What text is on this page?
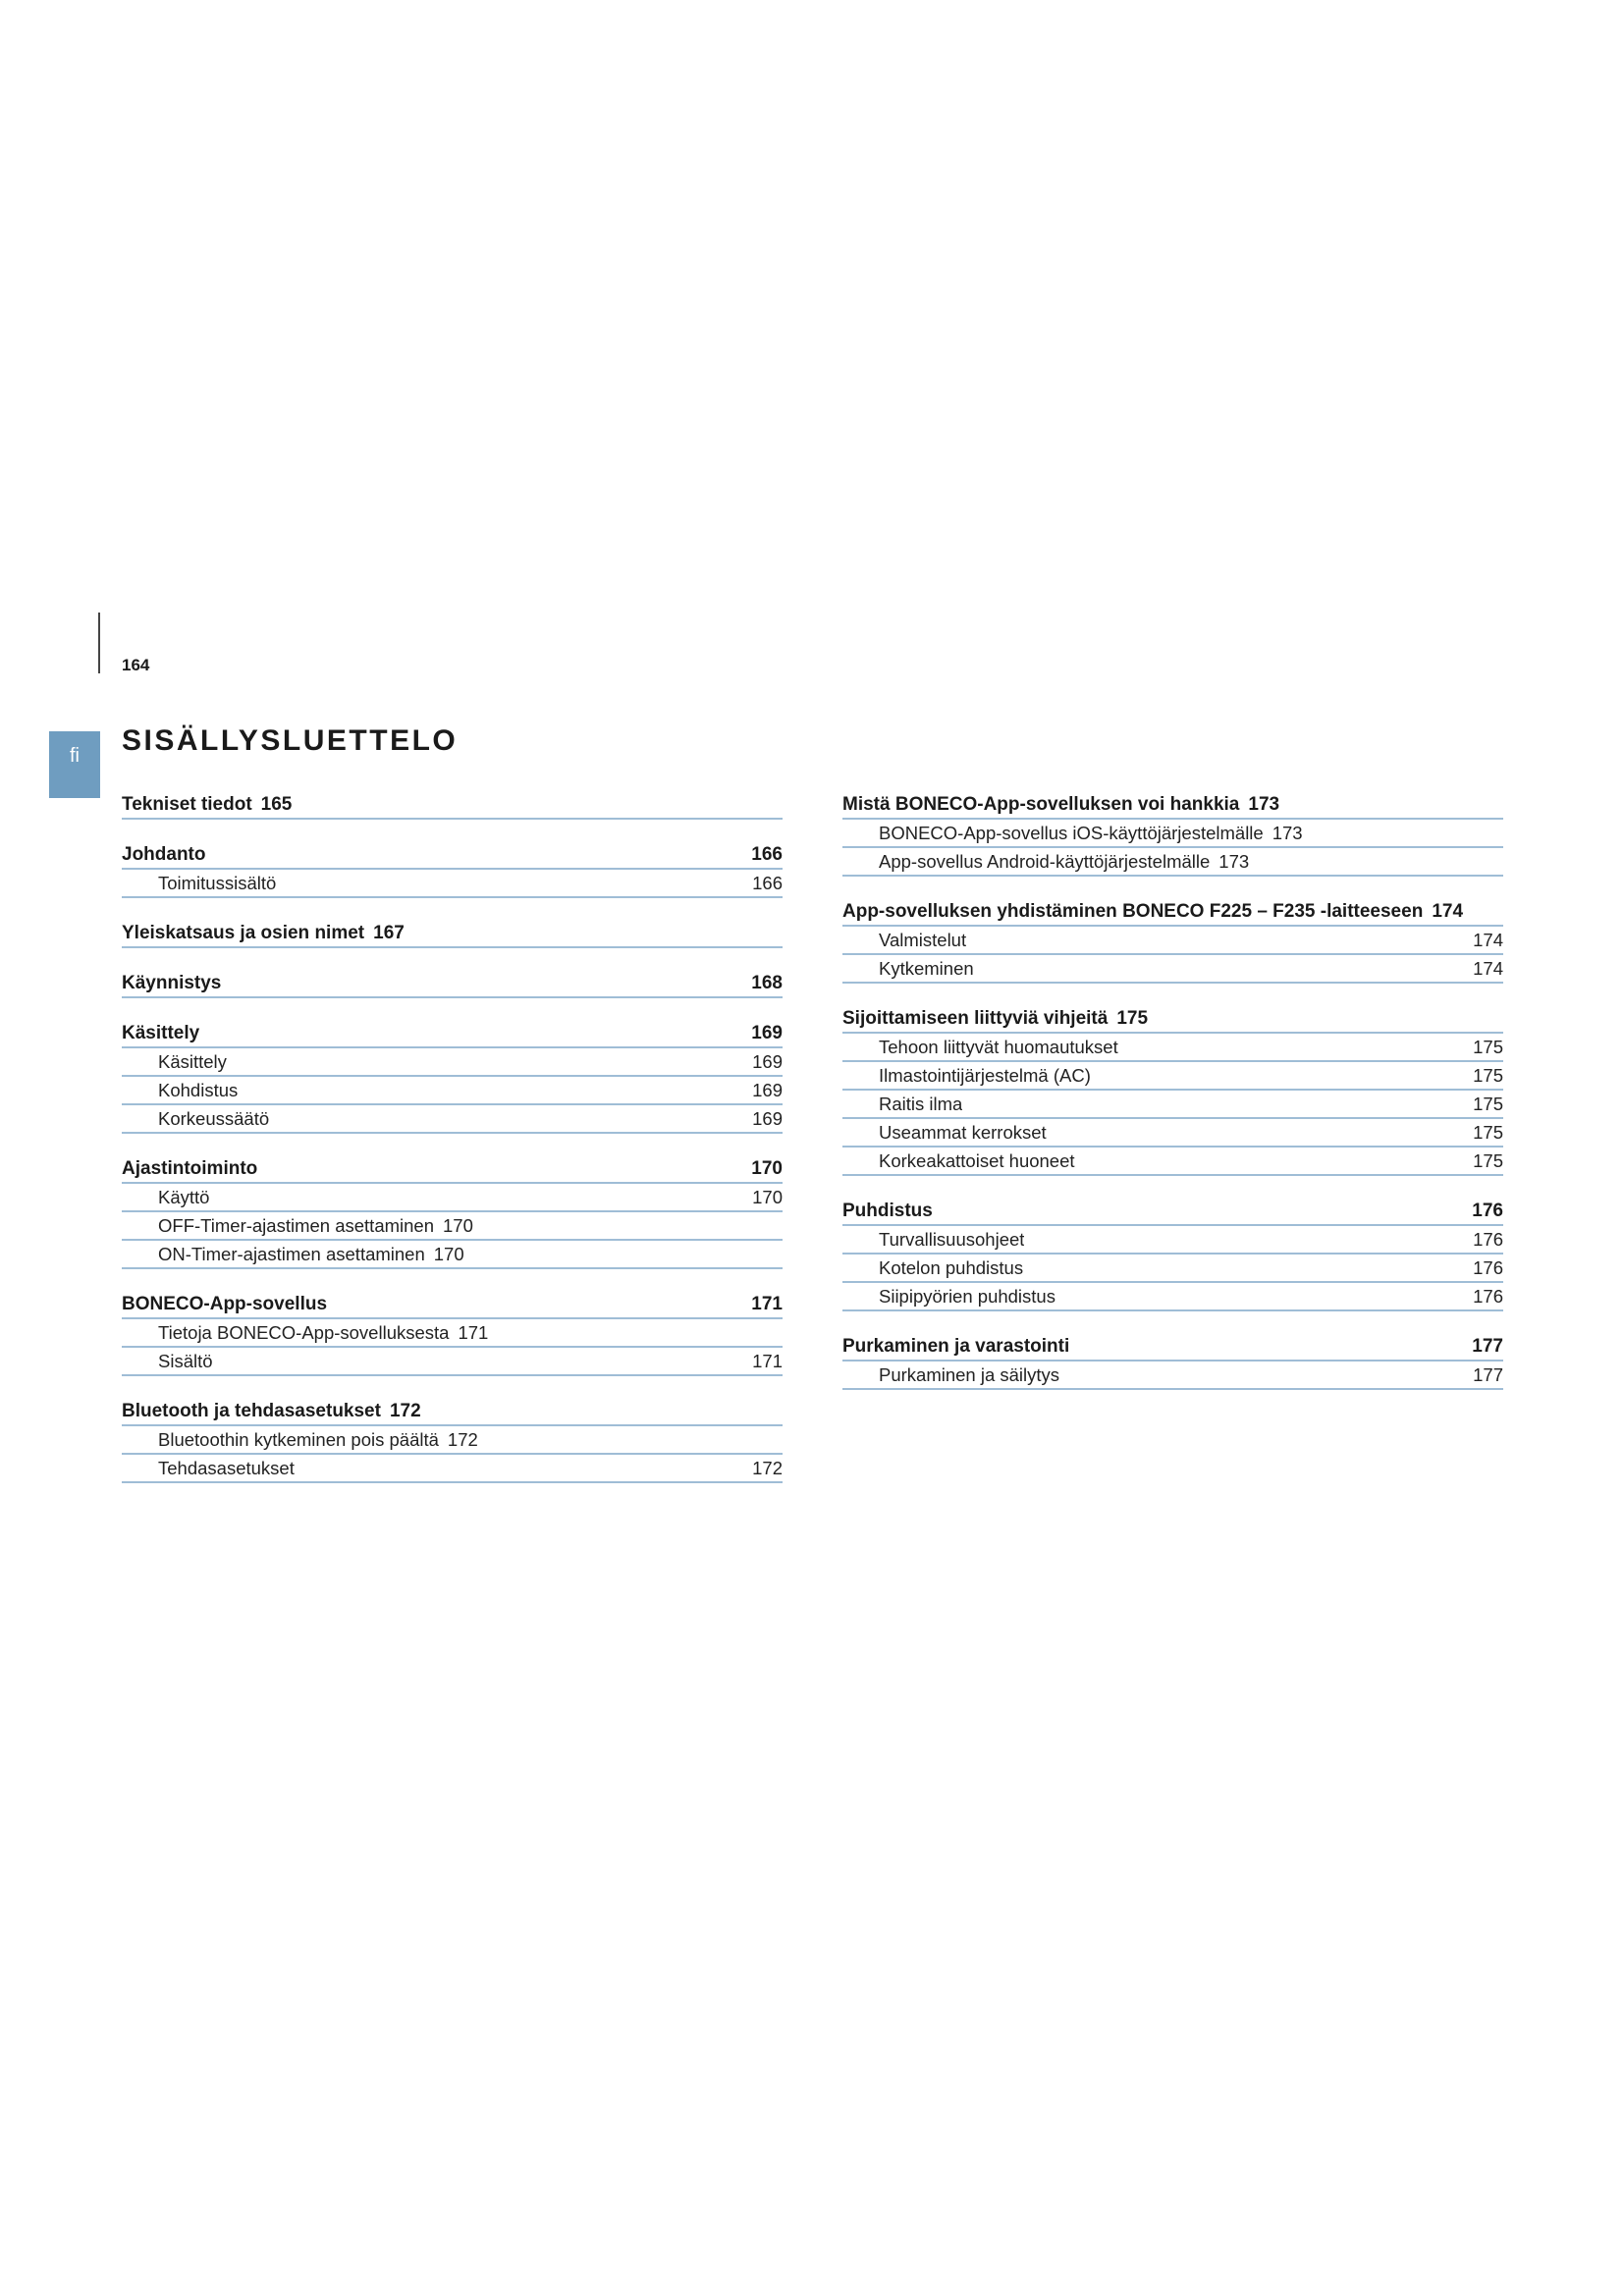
164
fi	SISÄLLYSLUETTELO
Tekniset tiedot 165
Johdanto	166
Toimitussisältö	166
Yleiskatsaus ja osien nimet 167
Käynnistys	168
Käsittely	169
Käsittely	169
Kohdistus	169
Korkeussäätö	169
Ajastintoiminto	170
Käyttö	170
OFF-Timer-ajastimen asettaminen 170
ON-Timer-ajastimen asettaminen 170
BONECO-App-sovellus	171
Tietoja BONECO-App-sovelluksesta 171
Sisältö	171
Bluetooth ja tehdasasetukset 172
Bluetoothin kytkeminen pois päältä 172
Tehdasasetukset	172
Mistä BONECO-App-sovelluksen voi hankkia 173
BONECO-App-sovellus iOS-käyttöjärjestelmälle 173
App-sovellus Android-käyttöjärjestelmälle 173
App-sovelluksen yhdistäminen BONECO F225 – F235 -laitteeseen 174
Valmistelut	174
Kytkeminen	174
Sijoittamiseen liittyviä vihjeitä 175
Tehoon liittyvät huomautukset	175
Ilmastointijärjestelmä (AC)	175
Raitis ilma	175
Useammat kerrokset	175
Korkeakattoiset huoneet	175
Puhdistus	176
Turvallisuusohjeet	176
Kotelon puhdistus	176
Siipipyörien puhdistus	176
Purkaminen ja varastointi	177
Purkaminen ja säilytys	177
